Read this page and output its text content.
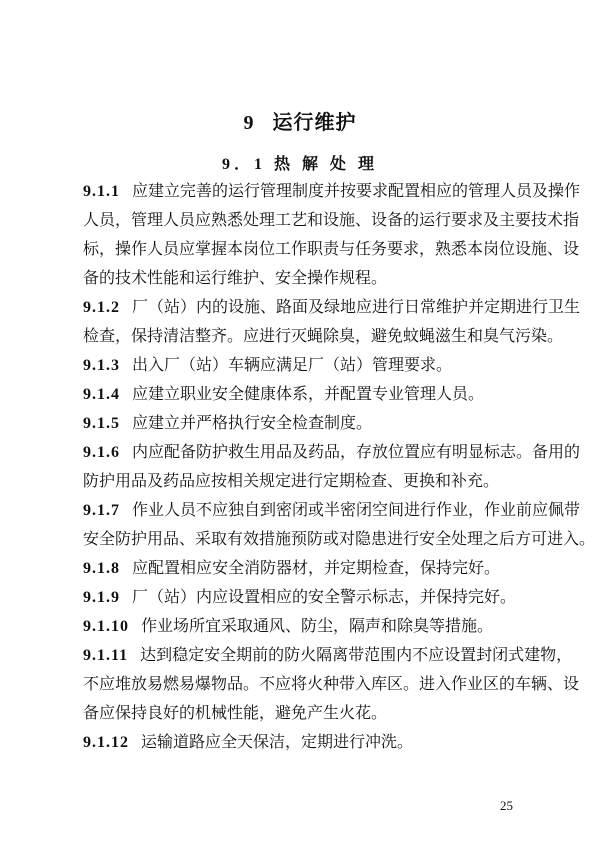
9 运行维护
9．1 热 解 处 理
9.1.1 应建立完善的运行管理制度并按要求配置相应的管理人员及操作
人员，管理人员应熟悉处理工艺和设施、设备的运行要求及主要技术指
标，操作人员应掌握本岗位工作职责与任务要求，熟悉本岗位设施、设
备的技术性能和运行维护、安全操作规程。
9.1.2 厂（站）内的设施、路面及绿地应进行日常维护并定期进行卫生
检查，保持清洁整齐。应进行灭蝇除臭，避免蚊蝇滋生和臭气污染。
9.1.3 出入厂（站）车辆应满足厂（站）管理要求。
9.1.4 应建立职业安全健康体系，并配置专业管理人员。
9.1.5 应建立并严格执行安全检查制度。
9.1.6 内应配备防护救生用品及药品，存放位置应有明显标志。备用的
防护用品及药品应按相关规定进行定期检查、更换和补充。
9.1.7 作业人员不应独自到密闭或半密闭空间进行作业，作业前应佩带
安全防护用品、采取有效措施预防或对隐患进行安全处理之后方可进入。
9.1.8 应配置相应安全消防器材，并定期检查，保持完好。
9.1.9 厂（站）内应设置相应的安全警示标志，并保持完好。
9.1.10 作业场所宜采取通风、防尘，隔声和除臭等措施。
9.1.11 达到稳定安全期前的防火隔离带范围内不应设置封闭式建物，
不应堆放易燃易爆物品。不应将火种带入库区。进入作业区的车辆、设
备应保持良好的机械性能，避免产生火花。
9.1.12 运输道路应全天保洁，定期进行冲洗。
25
